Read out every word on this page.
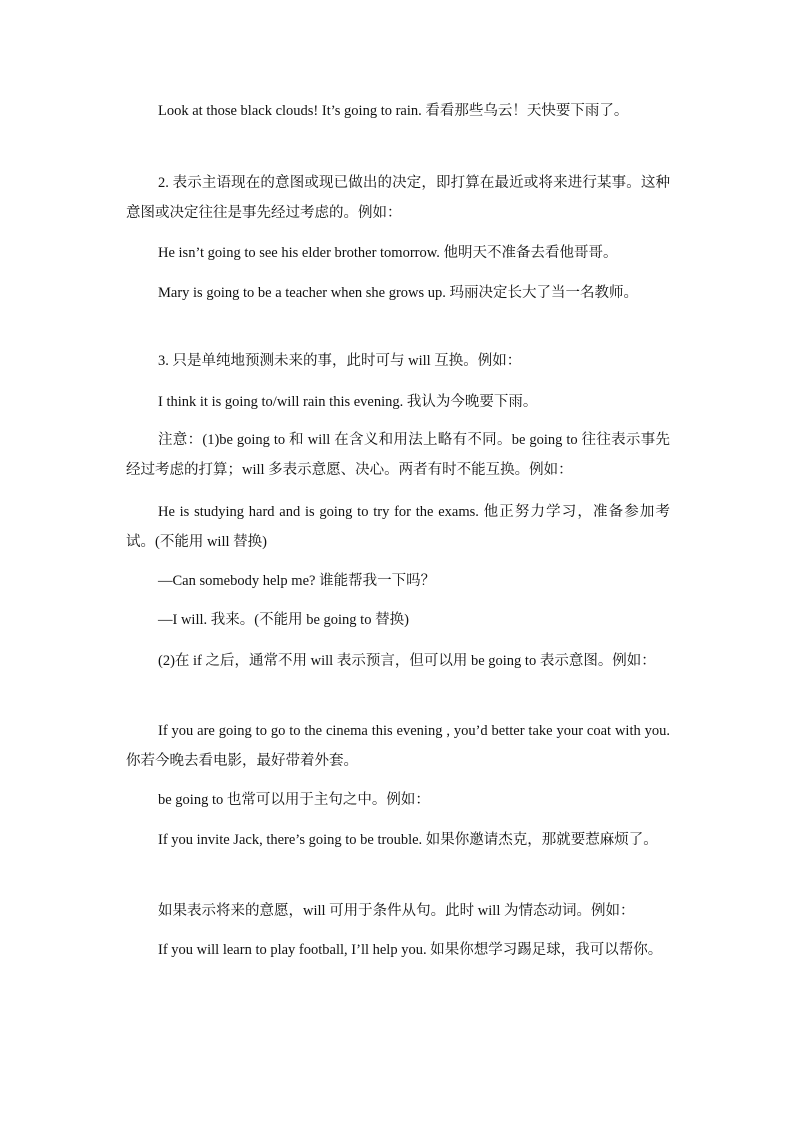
Look at those black clouds! It’s going to rain. 看看那些乌云！天快要下雨了。

2. 表示主语现在的意图或现已做出的决定，即打算在最近或将来进行某事。这种意图或决定往往是事先经过考虑的。例如：

He isn’t going to see his elder brother tomorrow. 他明天不准备去看他哥哥。

Mary is going to be a teacher when she grows up. 玛丽决定长大了当一名教师。

3. 只是单纯地预测未来的事，此时可与 will 互换。例如：

I think it is going to/will rain this evening. 我认为今晚要下雨。

注意：(1)be going to 和 will 在含义和用法上略有不同。be going to 往往表示事先经过考虑的打算；will 多表示意愿、决心。两者有时不能互换。例如：

He is studying hard and is going to try for the exams. 他正努力学习，准备参加考试。(不能用 will 替换)

—Can somebody help me? 谁能帮我一下吗？

—I will. 我来。(不能用 be going to 替换)

(2)在 if 之后，通常不用 will 表示预言，但可以用 be going to 表示意图。例如：

If you are going to go to the cinema this evening , you’d better take your coat with you. 你若今晚去看电影，最好带着外套。

be going to 也常可以用于主句之中。例如：

If you invite Jack, there’s going to be trouble. 如果你邀请杰克，那就要惹麻烦了。

如果表示将来的意愿，will 可用于条件从句。此时 will 为情态动词。例如：

If you will learn to play football, I’ll help you. 如果你想学习踢足球，我可以帮你。
